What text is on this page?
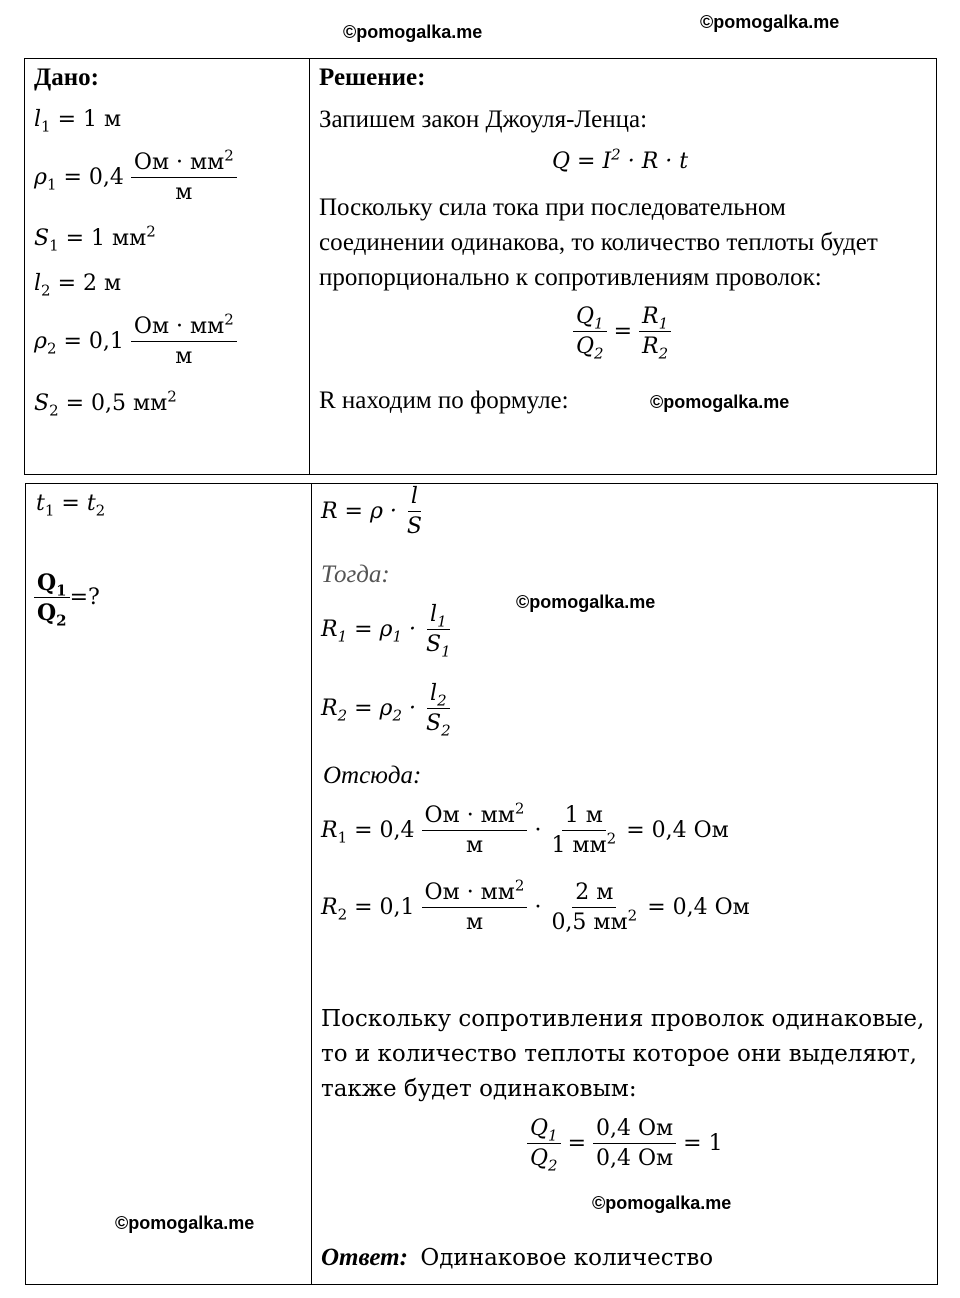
©pomogalka.me	©pomogalka.me
©pomogalka.me
©pomogalka.me
©pomogalka.me
©pomogalka.me
Дано:
$l_1 = 1$ м
$\rho_1 = 0,4 \frac{Ом \cdot мм^2}{м}$
$S_1 = 1$ $мм^2$
$l_2 = 2$ м
$\rho_2 = 0,1 \frac{Ом \cdot мм^2}{м}$
$S_2 = 0,5$ $мм^2$
Решение:
Запишем закон Джоуля-Ленца:
$Q = I^2 \cdot R \cdot t$
Поскольку сила тока при последовательном
соединении одинакова, то количество теплоты будет
пропорционально к сопротивлениям проволок:
$\frac{Q_1}{Q_2} = \frac{R_1}{R_2}$
R находим по формуле:
$t_1 = t_2$
$\frac{Q_1}{Q_2}$ =?
$R = \rho \cdot \frac{l}{S}$
Тогда:
$R_1 = \rho_1 \cdot \frac{l_1}{S_1}$
$R_2 = \rho_2 \cdot \frac{l_2}{S_2}$
Отсюда:
$R_1 = 0,4 \frac{Ом \cdot мм^2}{м} \cdot \frac{1 м}{1 мм^2} = 0,4$ Ом
$R_2 = 0,1 \frac{Ом \cdot мм^2}{м} \cdot \frac{2 м}{0,5 мм^2} = 0,4$ Ом
Поскольку сопротивления проволок одинаковые,
то и количество теплоты которое они выделяют,
также будет одинаковым:
$\frac{Q_1}{Q_2} = \frac{0,4 Ом}{0,4 Ом} = 1$
Ответ: Одинаковое количество
